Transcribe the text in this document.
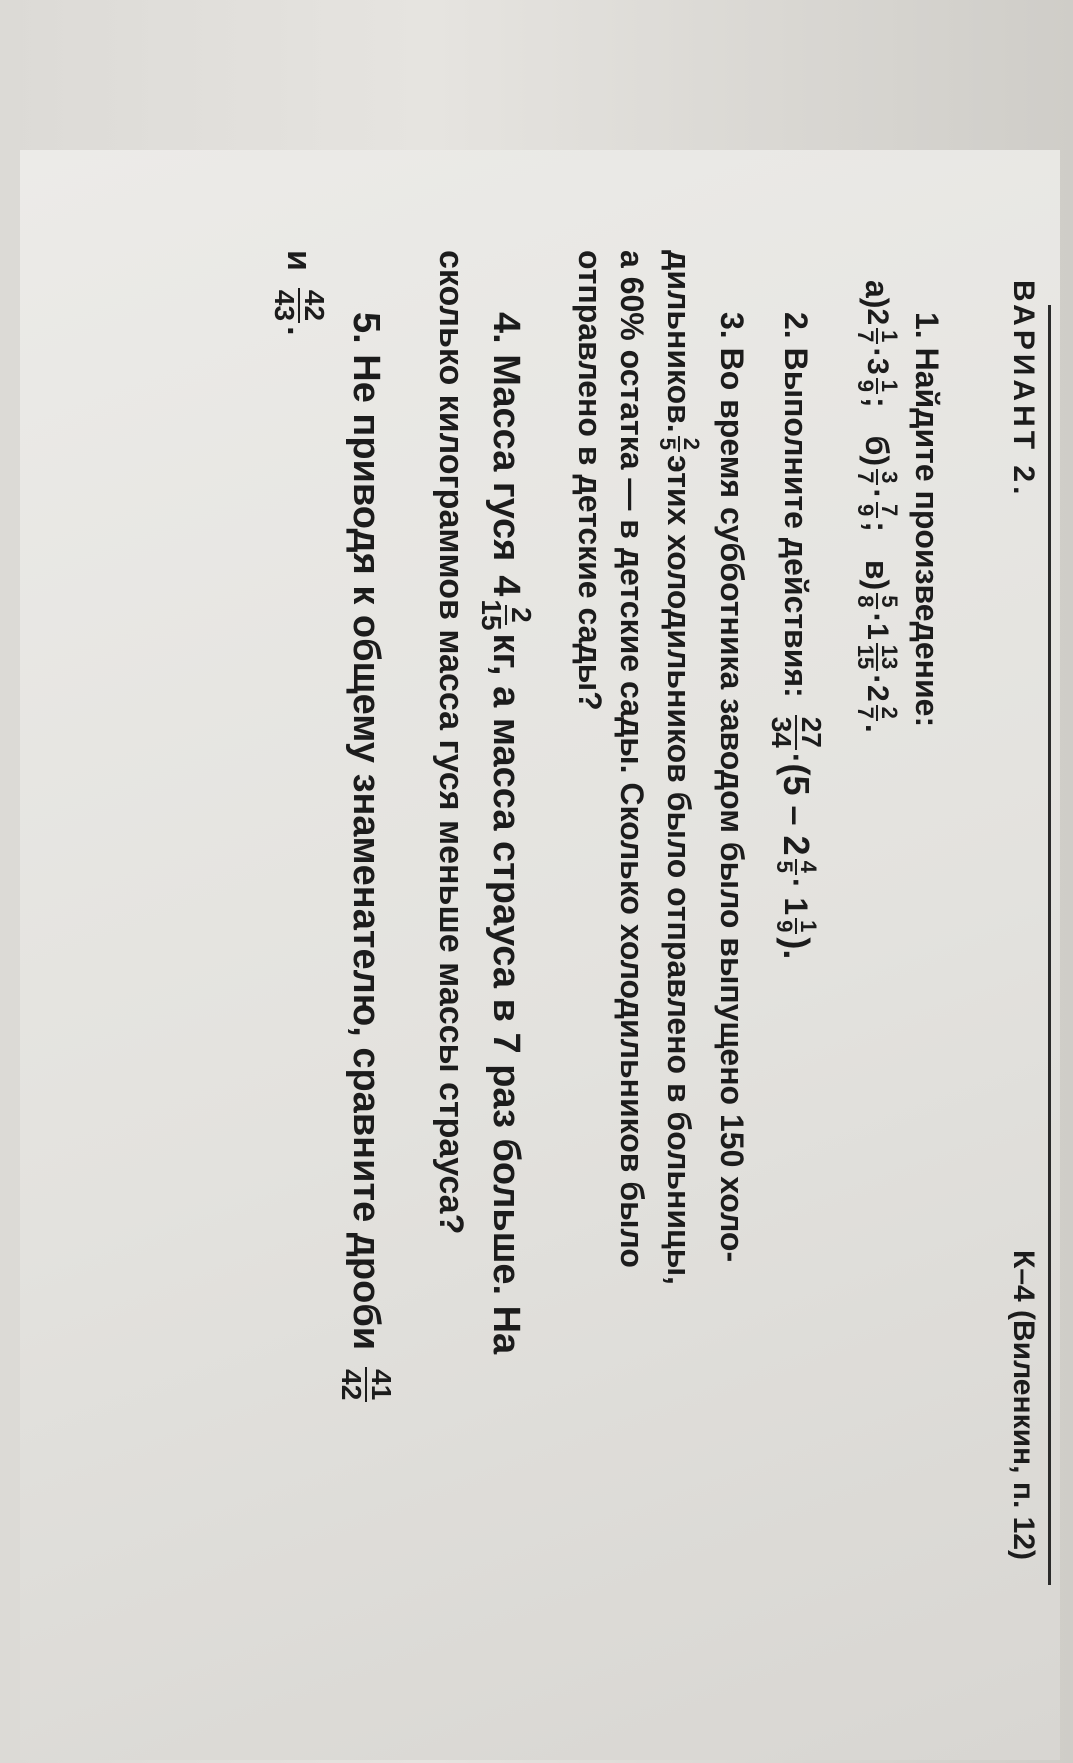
ВАРИАНТ 2.
К–4 (Виленкин, п. 12)
1. Найдите произведение:
а)
2
1
7
·
3
1
9
;
б)
3
7
·
7
9
;
в)
5
8
·
1
13
15
·
2
2
7
.
2. Выполните действия:
27
34
·
(5 – 2
4
5
· 1
1
9
).
3. Во время субботника заводом было выпущено 150 холо-
дильников.
2
5
этих холодильников было отправлено в больницы,
а 60% остатка — в детские сады. Сколько холодильников было
отправлено в детские сады?
4. Масса гуся
4
2
15
кг, а масса страуса в 7 раз больше. На
сколько килограммов масса гуся меньше массы страуса?
5. Не приводя к общему знаменателю, сравните дроби
41
42
и
42
43
.
